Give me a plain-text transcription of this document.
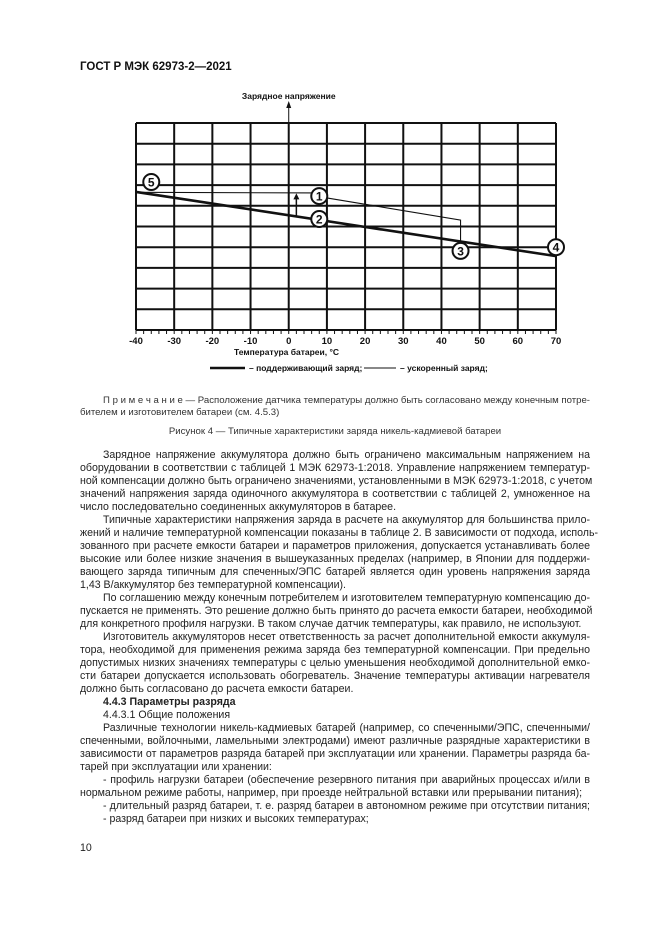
ГОСТ Р МЭК 62973-2—2021
-40	-30	-20	-10	0	10	20	30	40	50	60	70
Зарядное напряжение
Температура батареи, °C
1
2
3	4
5
– поддерживающий заряд;	– ускоренный заряд;
П р и м е ч а н и е — Расположение датчика температуры должно быть согласовано между конечным потре-
бителем и изготовителем батареи (см. 4.5.3)
Рисунок 4 — Типичные характеристики заряда никель-кадмиевой батареи
Зарядное напряжение аккумулятора должно быть ограничено максимальным напряжением на
оборудовании в соответствии с таблицей 1 МЭК 62973-1:2018. Управление напряжением температур-
ной компенсации должно быть ограничено значениями, установленными в МЭК 62973-1:2018, с учетом
значений напряжения заряда одиночного аккумулятора в соответствии с таблицей 2, умноженное на
число последовательно соединенных аккумуляторов в батарее.
Типичные характеристики напряжения заряда в расчете на аккумулятор для большинства прило-
жений и наличие температурной компенсации показаны в таблице 2. В зависимости от подхода, исполь-
зованного при расчете емкости батареи и параметров приложения, допускается устанавливать более
высокие или более низкие значения в вышеуказанных пределах (например, в Японии для поддержи-
вающего заряда типичным для спеченных/ЭПС батарей является один уровень напряжения заряда
1,43 В/аккумулятор без температурной компенсации).
По соглашению между конечным потребителем и изготовителем температурную компенсацию до-
пускается не применять. Это решение должно быть принято до расчета емкости батареи, необходимой
для конкретного профиля нагрузки. В таком случае датчик температуры, как правило, не используют.
Изготовитель аккумуляторов несет ответственность за расчет дополнительной емкости аккумуля-
тора, необходимой для применения режима заряда без температурной компенсации. При предельно
допустимых низких значениях температуры с целью уменьшения необходимой дополнительной емко-
сти батареи допускается использовать обогреватель. Значение температуры активации нагревателя
должно быть согласовано до расчета емкости батареи.
4.4.3 Параметры разряда
4.4.3.1 Общие положения
Различные технологии никель-кадмиевых батарей (например, со спеченными/ЭПС, спеченными/
спеченными, войлочными, ламельными электродами) имеют различные разрядные характеристики в
зависимости от параметров разряда батарей при эксплуатации или хранении. Параметры разряда ба-
тарей при эксплуатации или хранении:
- профиль нагрузки батареи (обеспечение резервного питания при аварийных процессах и/или в
нормальном режиме работы, например, при проезде нейтральной вставки или прерывании питания);
- длительный разряд батареи, т. е. разряд батареи в автономном режиме при отсутствии питания;
- разряд батареи при низких и высоких температурах;
10
